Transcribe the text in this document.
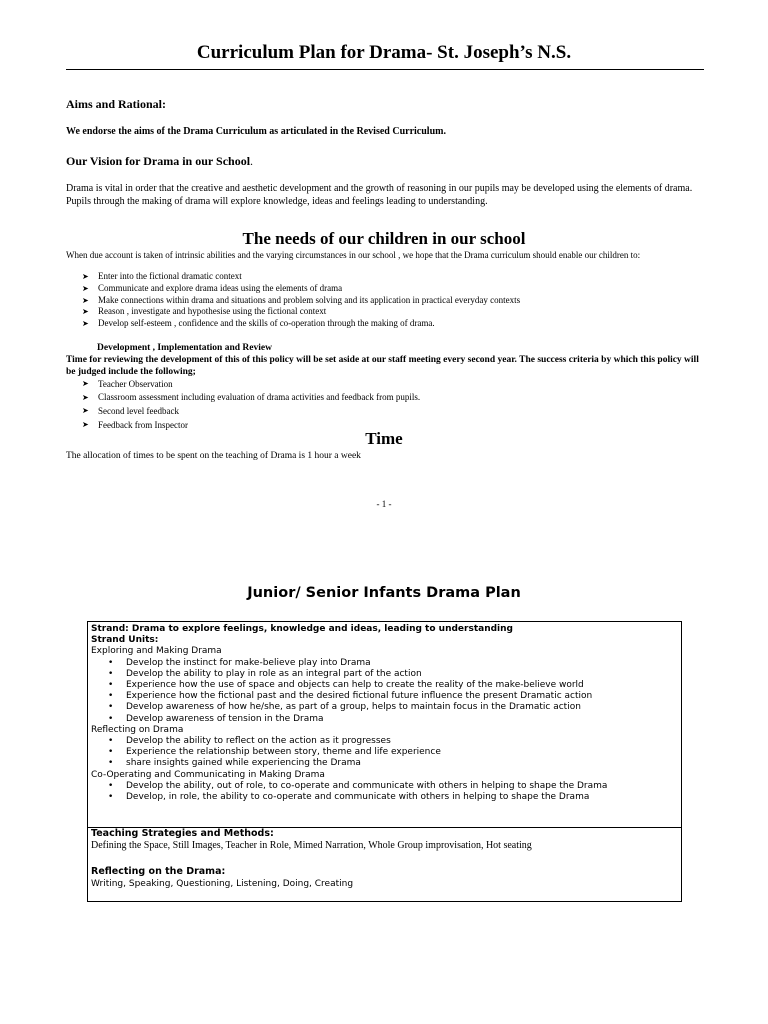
Curriculum Plan for Drama- St. Joseph’s N.S.
Aims and Rational:
We endorse the aims of the Drama Curriculum as articulated in the Revised Curriculum.
Our Vision for Drama in our School.
Drama is vital in order that the creative and aesthetic development and the growth of reasoning in our pupils may be developed using the elements of drama. Pupils through the making of drama will explore knowledge, ideas and feelings leading to understanding.
The needs of our children in our school
When due account is taken of intrinsic abilities and the varying circumstances in our school , we hope that the Drama curriculum should enable our children to:
➤ Enter into the fictional dramatic context
➤ Communicate and explore drama ideas using the elements of drama
➤ Make connections within drama and situations and problem solving and its application in practical everyday contexts
➤ Reason , investigate and hypothesise using the fictional context
➤ Develop self-esteem , confidence and the skills of co-operation through the making of drama.
Development , Implementation and Review
Time for reviewing the development of this of this policy will be set aside at our staff meeting every second year. The success criteria by which this policy will be judged include the following;
➤ Teacher Observation
➤ Classroom assessment including evaluation of drama activities and feedback from pupils.
➤ Second level feedback
➤ Feedback from Inspector
Time
The allocation of times to be spent on the teaching of Drama is 1 hour a week
- 1 -
Junior/ Senior Infants Drama Plan
Strand: Drama to explore feelings, knowledge and ideas, leading to understanding
Strand Units:
Exploring and Making Drama
• Develop the instinct for make-believe play into Drama
• Develop the ability to play in role as an integral part of the action
• Experience how the use of space and objects can help to create the reality of the make-believe world
• Experience how the fictional past and the desired fictional future influence the present Dramatic action
• Develop awareness of how he/she, as part of a group, helps to maintain focus in the Dramatic action
• Develop awareness of tension in the Drama
Reflecting on Drama
• Develop the ability to reflect on the action as it progresses
• Experience the relationship between story, theme and life experience
• share insights gained while experiencing the Drama
Co-Operating and Communicating in Making Drama
• Develop the ability, out of role, to co-operate and communicate with others in helping to shape the Drama
• Develop, in role, the ability to co-operate and communicate with others in helping to shape the Drama
Teaching Strategies and Methods:
Defining the Space, Still Images, Teacher in Role, Mimed Narration, Whole Group improvisation, Hot seating
Reflecting on the Drama:
Writing, Speaking, Questioning, Listening, Doing, Creating
